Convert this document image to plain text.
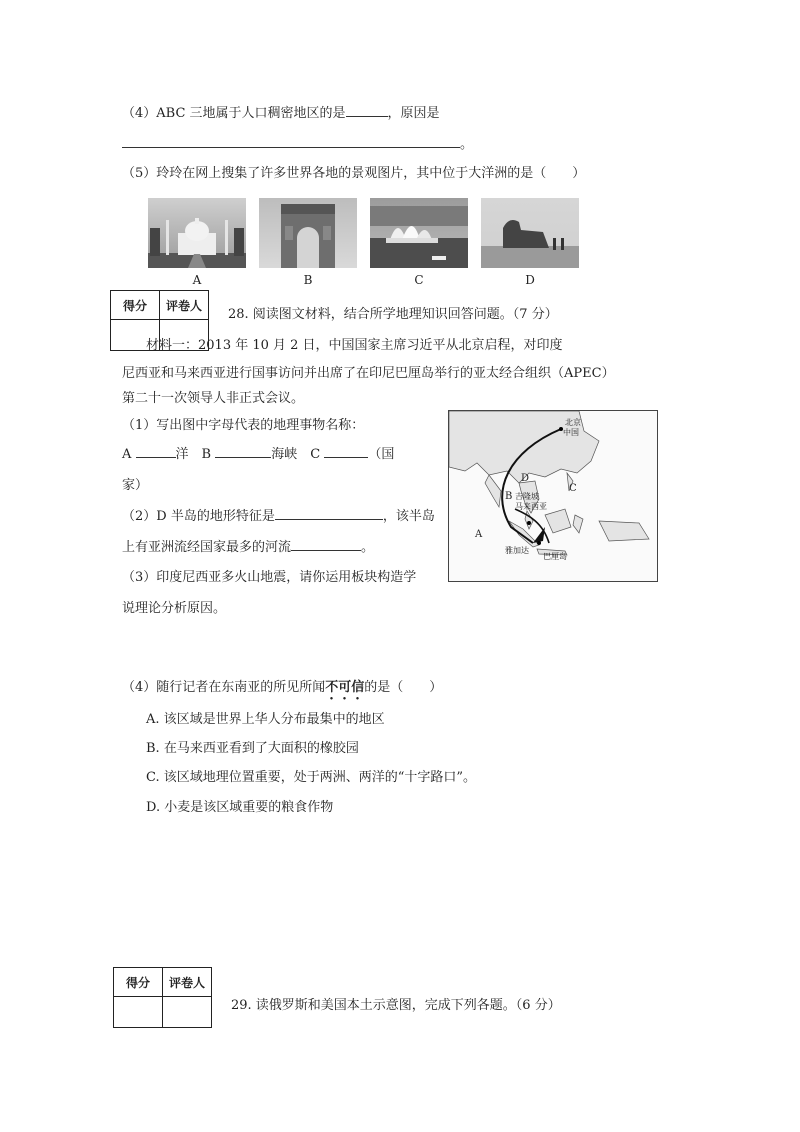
（4）ABC 三地属于人口稠密地区的是	，原因是
。
（5）玲玲在网上搜集了许多世界各地的景观图片，其中位于大洋洲的是（　　）
A	B	C	D
得分	评卷人

28. 阅读图文材料，结合所学地理知识回答问题。（7 分）
材料一：2013 年 10 月 2 日，中国国家主席习近平从北京启程，对印度
尼西亚和马来西亚进行国事访问并出席了在印尼巴厘岛举行的亚太经合组织（APEC）
第二十一次领导人非正式会议。
（1）写出图中字母代表的地理事物名称：
A	洋　B	海峡　C	（国
家）
（2）D 半岛的地形特征是	，该半岛
上有亚洲流经国家最多的河流	。
（3）印度尼西亚多火山地震，请你运用板块构造学
说理论分析原因。
北京
中国
吉隆坡
马来西亚
雅加达
巴厘岛
A
B
C
D
（4）随行记者在东南亚的所见所闻不可信的是（　　）
A. 该区域是世界上华人分布最集中的地区
B. 在马来西亚看到了大面积的橡胶园
C. 该区域地理位置重要，处于两洲、两洋的“十字路口”。
D. 小麦是该区域重要的粮食作物
得分	评卷人

29. 读俄罗斯和美国本土示意图，完成下列各题。（6 分）
